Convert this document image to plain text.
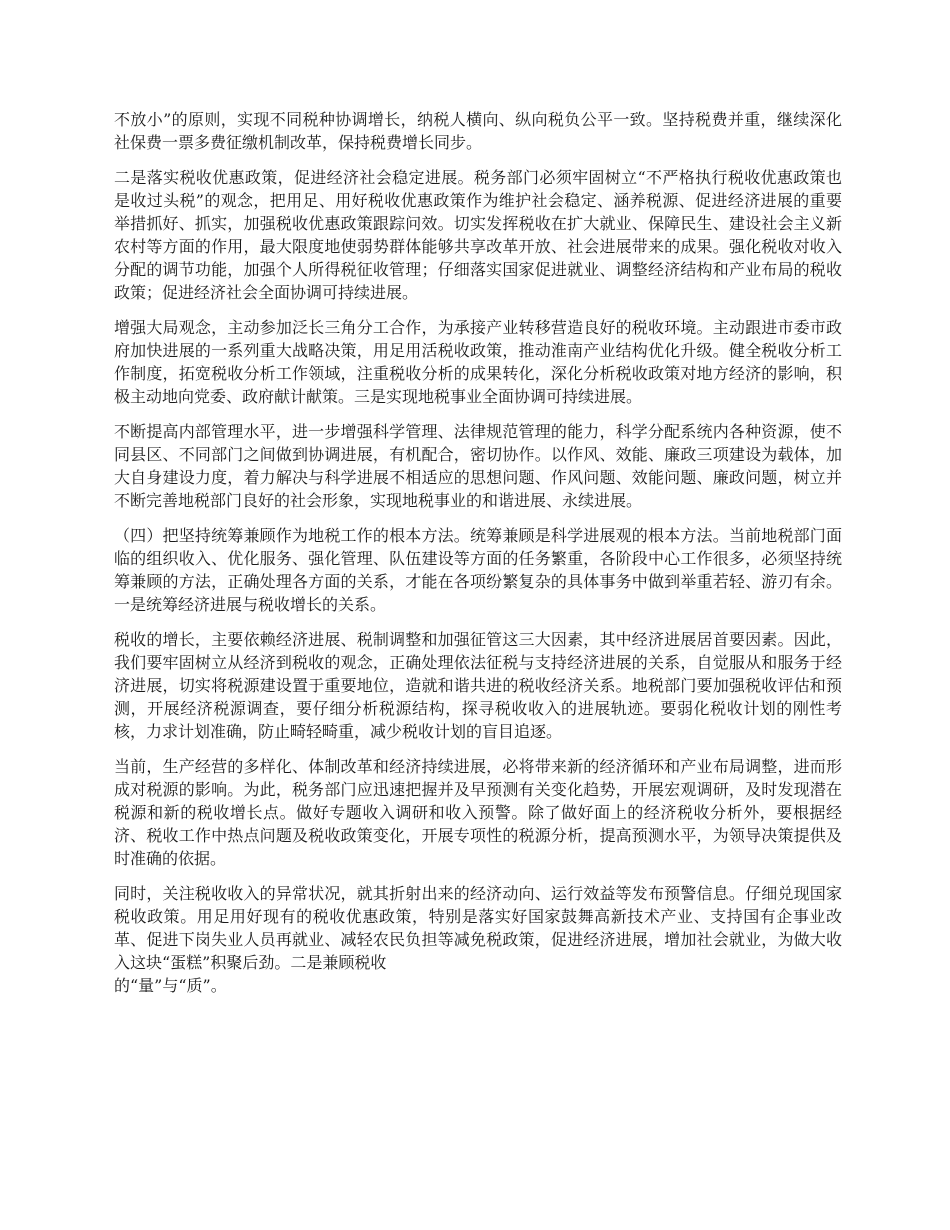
不放小”的原则，实现不同税种协调增长，纳税人横向、纵向税负公平一致。坚持税费并重，继续深化社保费一票多费征缴机制改革，保持税费增长同步。

二是落实税收优惠政策，促进经济社会稳定进展。税务部门必须牢固树立“不严格执行税收优惠政策也是收过头税”的观念，把用足、用好税收优惠政策作为维护社会稳定、涵养税源、促进经济进展的重要举措抓好、抓实，加强税收优惠政策跟踪问效。切实发挥税收在扩大就业、保障民生、建设社会主义新农村等方面的作用，最大限度地使弱势群体能够共享改革开放、社会进展带来的成果。强化税收对收入分配的调节功能，加强个人所得税征收管理；仔细落实国家促进就业、调整经济结构和产业布局的税收政策；促进经济社会全面协调可持续进展。

增强大局观念，主动参加泛长三角分工合作，为承接产业转移营造良好的税收环境。主动跟进市委市政府加快进展的一系列重大战略决策，用足用活税收政策，推动淮南产业结构优化升级。健全税收分析工作制度，拓宽税收分析工作领域，注重税收分析的成果转化，深化分析税收政策对地方经济的影响，积极主动地向党委、政府献计献策。三是实现地税事业全面协调可持续进展。

不断提高内部管理水平，进一步增强科学管理、法律规范管理的能力，科学分配系统内各种资源，使不同县区、不同部门之间做到协调进展，有机配合，密切协作。以作风、效能、廉政三项建设为载体，加大自身建设力度，着力解决与科学进展不相适应的思想问题、作风问题、效能问题、廉政问题，树立并不断完善地税部门良好的社会形象，实现地税事业的和谐进展、永续进展。

（四）把坚持统筹兼顾作为地税工作的根本方法。统筹兼顾是科学进展观的根本方法。当前地税部门面临的组织收入、优化服务、强化管理、队伍建设等方面的任务繁重，各阶段中心工作很多，必须坚持统筹兼顾的方法，正确处理各方面的关系，才能在各项纷繁复杂的具体事务中做到举重若轻、游刃有余。一是统筹经济进展与税收增长的关系。

税收的增长，主要依赖经济进展、税制调整和加强征管这三大因素，其中经济进展居首要因素。因此，我们要牢固树立从经济到税收的观念，正确处理依法征税与支持经济进展的关系，自觉服从和服务于经济进展，切实将税源建设置于重要地位，造就和谐共进的税收经济关系。地税部门要加强税收评估和预测，开展经济税源调查，要仔细分析税源结构，探寻税收收入的进展轨迹。要弱化税收计划的刚性考核，力求计划准确，防止畸轻畸重，减少税收计划的盲目追逐。

当前，生产经营的多样化、体制改革和经济持续进展，必将带来新的经济循环和产业布局调整，进而形成对税源的影响。为此，税务部门应迅速把握并及早预测有关变化趋势，开展宏观调研，及时发现潜在税源和新的税收增长点。做好专题收入调研和收入预警。除了做好面上的经济税收分析外，要根据经济、税收工作中热点问题及税收政策变化，开展专项性的税源分析，提高预测水平，为领导决策提供及时准确的依据。

同时，关注税收收入的异常状况，就其折射出来的经济动向、运行效益等发布预警信息。仔细兑现国家税收政策。用足用好现有的税收优惠政策，特别是落实好国家鼓舞高新技术产业、支持国有企事业改革、促进下岗失业人员再就业、减轻农民负担等减免税政策，促进经济进展，增加社会就业，为做大收入这块“蛋糕”积聚后劲。二是兼顾税收
的“量”与“质”。
